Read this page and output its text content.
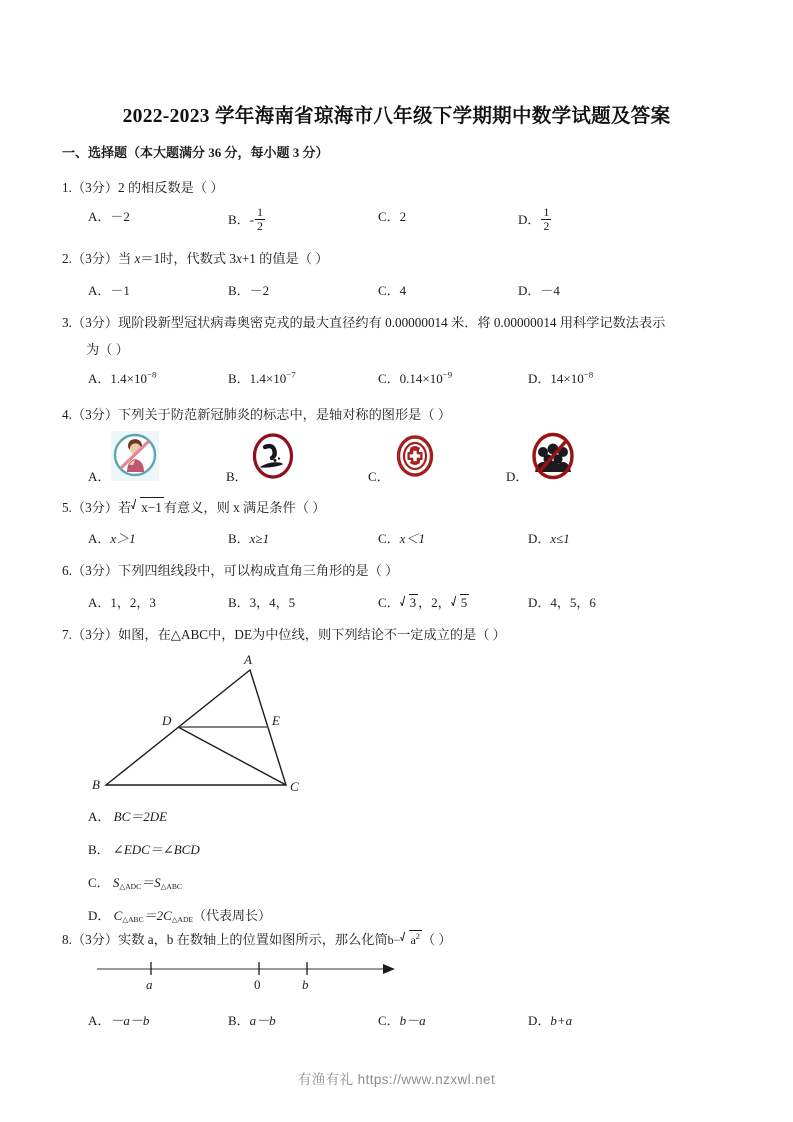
2022-2023 学年海南省琼海市八年级下学期期中数学试题及答案
一、选择题（本大题满分 36 分，每小题 3 分）
1.（3分）2 的相反数是（ ）
A．－2	B．- $\frac{1}{2}$	C．2	D． $\frac{1}{2}$
2.（3分）当 x＝1时，代数式 3x+1 的值是（ ）
A．－1	B．－2	C．4	D．－4
3.（3分）现阶段新型冠状病毒奥密克戎的最大直径约有 0.00000014 米．将 0.00000014 用科学记数法表示
为（ ）
A．$1.4\times 10^{-8}$	B．$1.4\times 10^{-7}$	C．$0.14\times 10^{-9}$	D．$14\times 10^{-8}$
4.（3分）下列关于防范新冠肺炎的标志中，是轴对称的图形是（ ）
A．	B．	C．	D．
5.（3分）若 x−1 有意义，则 x 满足条件（ ）
A．x＞1	B．x≥1	C．x＜1	D．x≤1
6.（3分）下列四组线段中，可以构成直角三角形的是（ ）
A．1，2，3	B．3，4，5	C． 3 ，2， 5	D．4，5，6
7.（3分）如图，在△ABC中，DE为中位线，则下列结论不一定成立的是（ ）
A
B	C
D	E
A． BC＝2DE
B． ∠EDC＝∠BCD
C． $S_{\triangle ADC}=S_{\triangle ABC}$
D． $C_{\triangle ABC}=2C_{\triangle ADE}$（代表周长）
8.（3分）实数 a，b 在数轴上的位置如图所示，那么化简$b- a^2$ （ ）
a	0	b
A．－a－b	B．a－b	C．b－a	D．b+a
有渔有礼 https://www.nzxwl.net
